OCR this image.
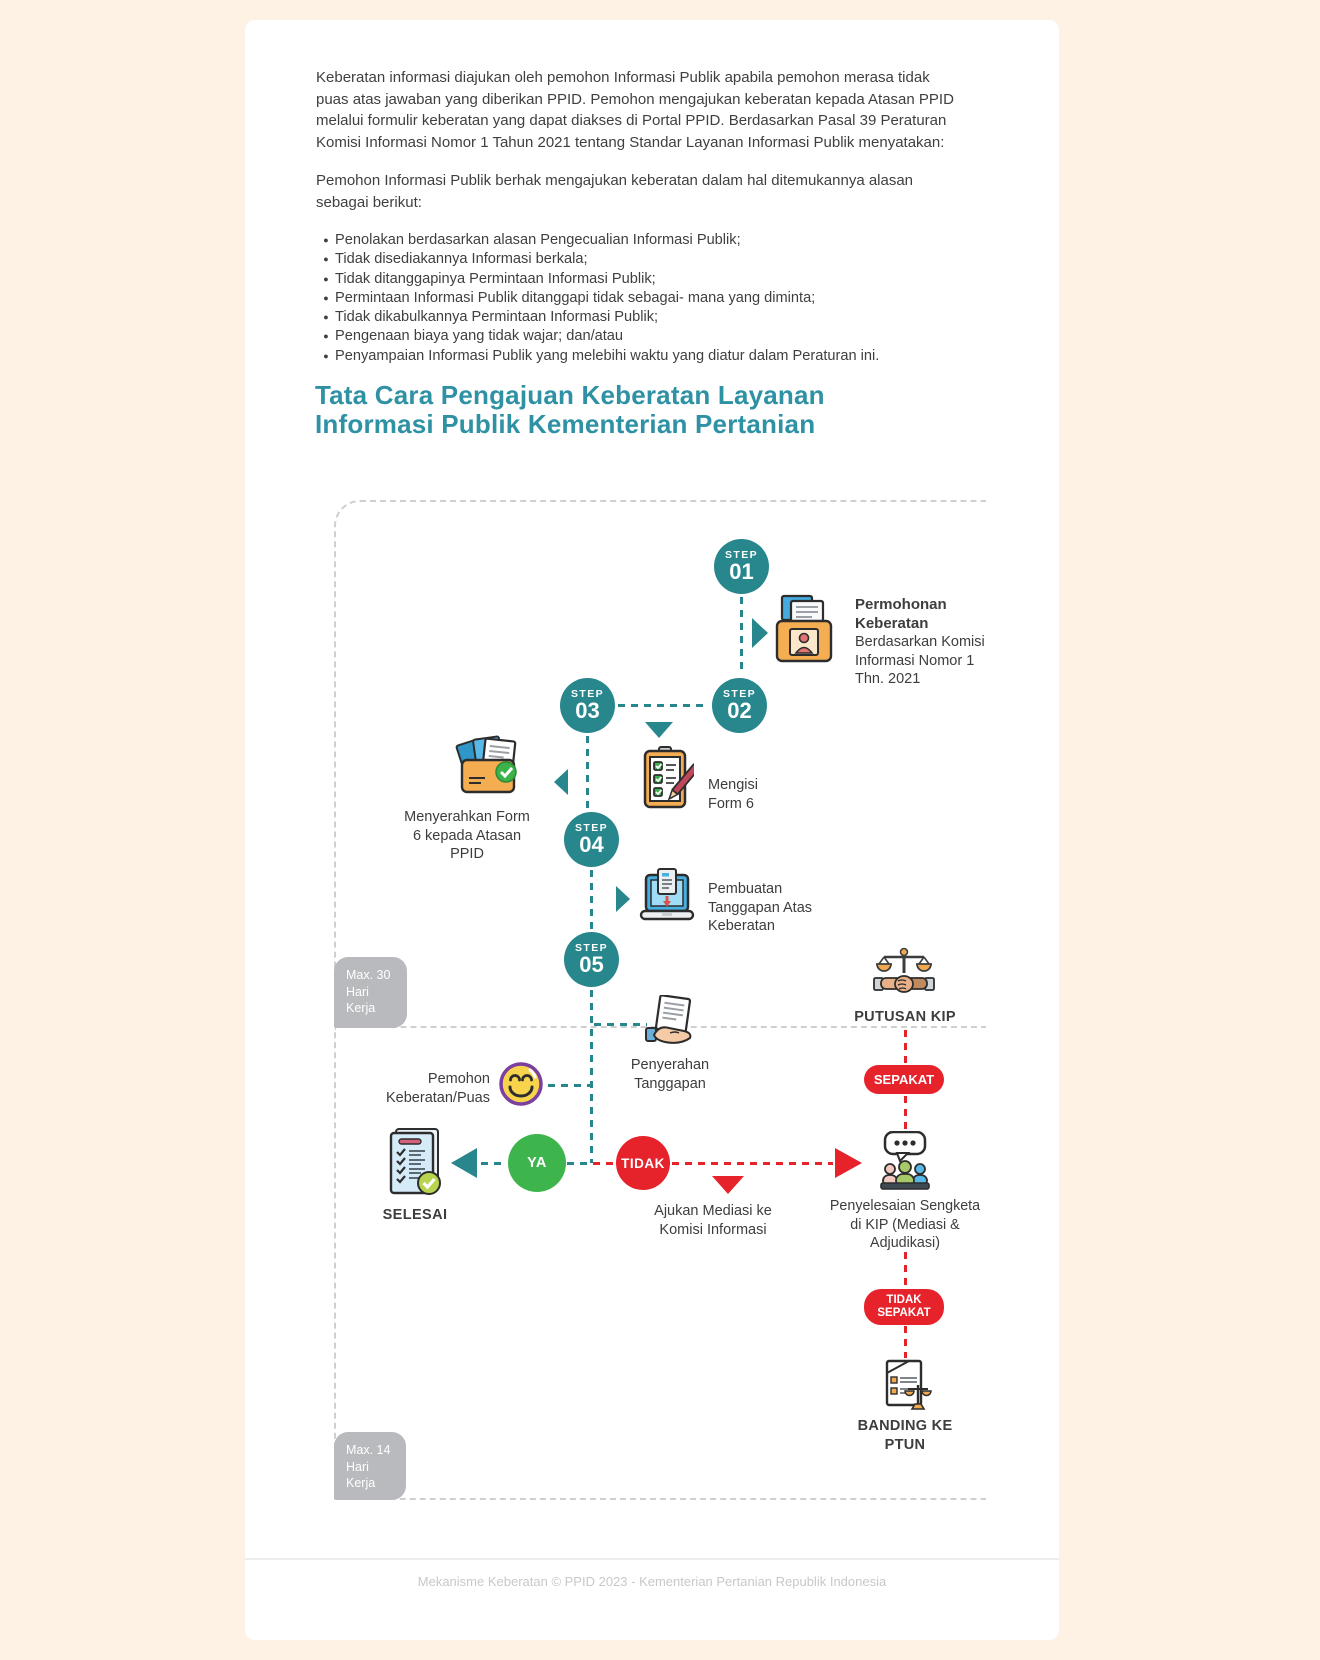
Keberatan informasi diajukan oleh pemohon Informasi Publik apabila pemohon merasa tidak puas atas jawaban yang diberikan PPID. Pemohon mengajukan keberatan kepada Atasan PPID melalui formulir keberatan yang dapat diakses di Portal PPID. Berdasarkan Pasal 39 Peraturan Komisi Informasi Nomor 1 Tahun 2021 tentang Standar Layanan Informasi Publik menyatakan:
Pemohon Informasi Publik berhak mengajukan keberatan dalam hal ditemukannya alasan sebagai berikut:
● Penolakan berdasarkan alasan Pengecualian Informasi Publik;
● Tidak disediakannya Informasi berkala;
● Tidak ditanggapinya Permintaan Informasi Publik;
● Permintaan Informasi Publik ditanggapi tidak sebagai- mana yang diminta;
● Tidak dikabulkannya Permintaan Informasi Publik;
● Pengenaan biaya yang tidak wajar; dan/atau
● Penyampaian Informasi Publik yang melebihi waktu yang diatur dalam Peraturan ini.
Tata Cara Pengajuan Keberatan Layanan
Informasi Publik Kementerian Pertanian
Max. 30 Hari Kerja
Max. 14 Hari Kerja
STEP
01
STEP
02
STEP
03
STEP
04
STEP
05
YA	TIDAK
Permohonan Keberatan
Berdasarkan Komisi Informasi Nomor 1 Thn. 2021
Mengisi Form 6
Menyerahkan Form 6 kepada Atasan PPID
Pembuatan Tanggapan Atas Keberatan
Penyerahan Tanggapan
Pemohon Keberatan/Puas
SELESAI	Ajukan Mediasi ke Komisi Informasi
PUTUSAN KIP
SEPAKAT
Penyelesaian Sengketa di KIP (Mediasi & Adjudikasi)
TIDAK SEPAKAT
BANDING KE PTUN
Mekanisme Keberatan © PPID 2023 - Kementerian Pertanian Republik Indonesia
